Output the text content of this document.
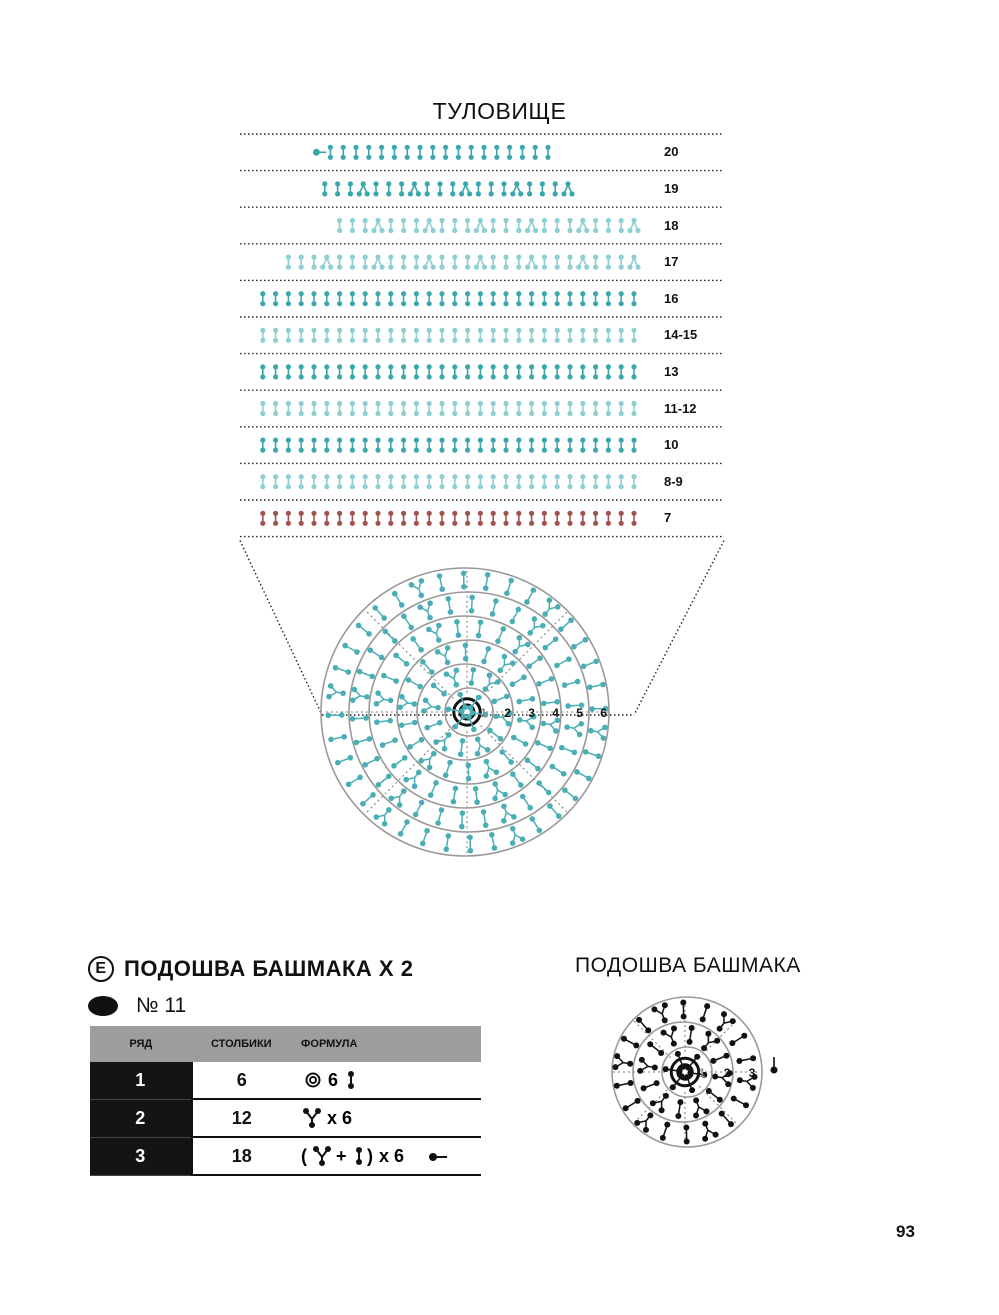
ТУЛОВИЩЕ
1 2 3 4 5 6
20
19
18
17
16
14-15
13
11-12
10
8-9
7
Е ПОДОШВА БАШМАКА Х 2
№ 11
РЯД	СТОЛБИКИ	ФОРМУЛА
1	6	6

2	12	х 6

3	18	( + ) х 6
ПОДОШВА БАШМАКА
1 2 3
93
